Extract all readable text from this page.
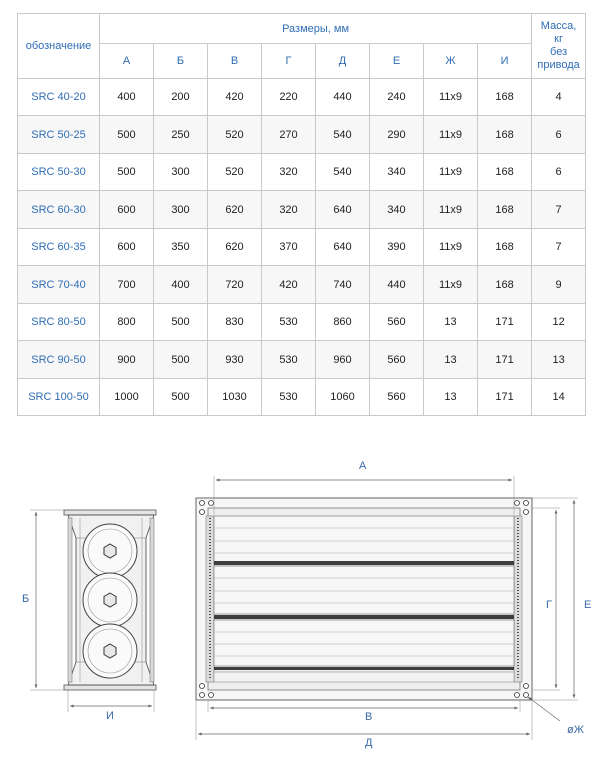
обозначение	Размеры, мм								Масса,
кг
без
привода
	А	Б	В	Г	Д	Е	Ж	И	
SRC 40-20	400	200	420	220	440	240	11x9	168	4
SRC 50-25	500	250	520	270	540	290	11x9	168	6
SRC 50-30	500	300	520	320	540	340	11x9	168	6
SRC 60-30	600	300	620	320	640	340	11x9	168	7
SRC 60-35	600	350	620	370	640	390	11x9	168	7
SRC 70-40	700	400	720	420	740	440	11x9	168	9
SRC 80-50	800	500	830	530	860	560	13	171	12
SRC 90-50	900	500	930	530	960	560	13	171	13
SRC 100-50	1000	500	1030	530	1060	560	13	171	14
Б
И
А
В
Д
Г	Е
øЖ
